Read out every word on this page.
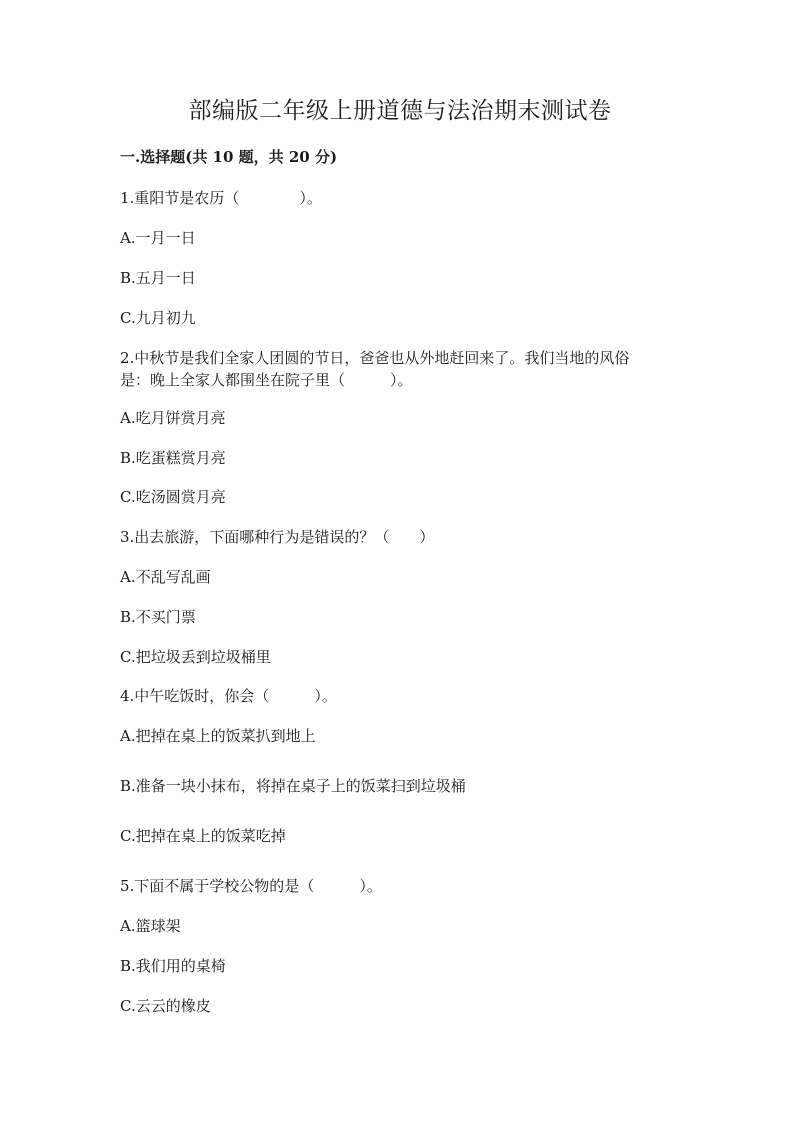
部编版二年级上册道德与法治期末测试卷
一.选择题(共 10 题，共 20 分)
1.重阳节是农历（　　　　）。
A.一月一日
B.五月一日
C.九月初九
2.中秋节是我们全家人团圆的节日，爸爸也从外地赶回来了。我们当地的风俗
是：晚上全家人都围坐在院子里（　　　）。
A.吃月饼赏月亮
B.吃蛋糕赏月亮
C.吃汤圆赏月亮
3.出去旅游，下面哪种行为是错误的？（　　）
A.不乱写乱画
B.不买门票
C.把垃圾丢到垃圾桶里
4.中午吃饭时，你会（　　　）。
A.把掉在桌上的饭菜扒到地上
B.准备一块小抹布，将掉在桌子上的饭菜扫到垃圾桶
C.把掉在桌上的饭菜吃掉
5.下面不属于学校公物的是（　　　）。
A.篮球架
B.我们用的桌椅
C.云云的橡皮
